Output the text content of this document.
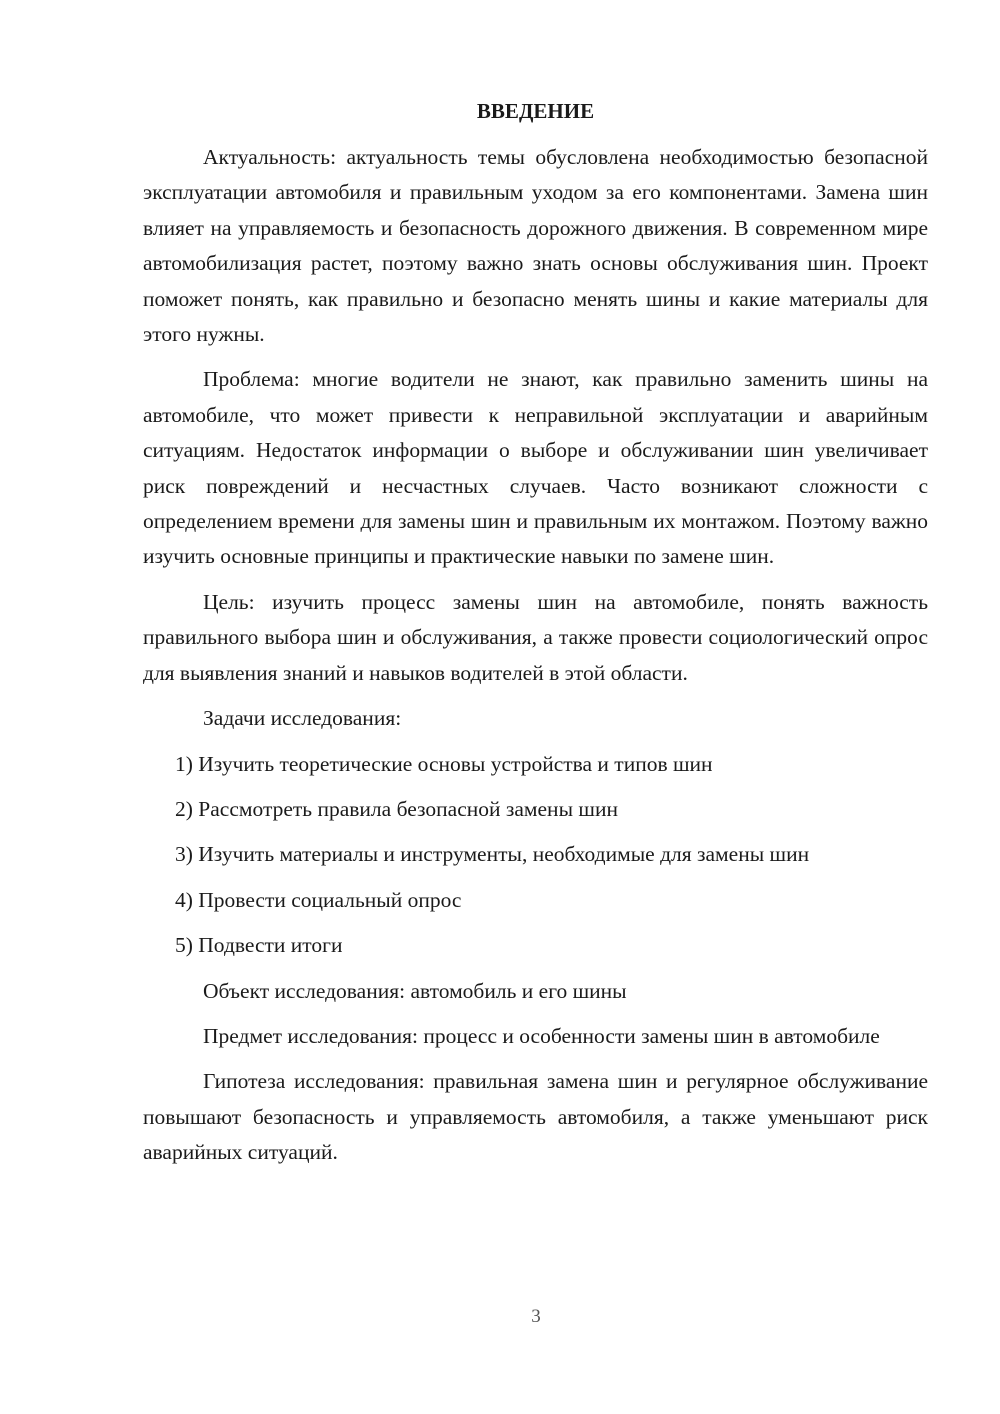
ВВЕДЕНИЕ

Актуальность: актуальность темы обусловлена необходимостью безопасной эксплуатации автомобиля и правильным уходом за его компонентами. Замена шин влияет на управляемость и безопасность дорожного движения. В современном мире автомобилизация растет, поэтому важно знать основы обслуживания шин. Проект поможет понять, как правильно и безопасно менять шины и какие материалы для этого нужны.

Проблема: многие водители не знают, как правильно заменить шины на автомобиле, что может привести к неправильной эксплуатации и аварийным ситуациям. Недостаток информации о выборе и обслуживании шин увеличивает риск повреждений и несчастных случаев. Часто возникают сложности с определением времени для замены шин и правильным их монтажом. Поэтому важно изучить основные принципы и практические навыки по замене шин.

Цель: изучить процесс замены шин на автомобиле, понять важность правильного выбора шин и обслуживания, а также провести социологический опрос для выявления знаний и навыков водителей в этой области.

Задачи исследования:

1) Изучить теоретические основы устройства и типов шин
2) Рассмотреть правила безопасной замены шин
3) Изучить материалы и инструменты, необходимые для замены шин
4) Провести социальный опрос
5) Подвести итоги

Объект исследования: автомобиль и его шины

Предмет исследования: процесс и особенности замены шин в автомобиле

Гипотеза исследования: правильная замена шин и регулярное обслуживание повышают безопасность и управляемость автомобиля, а также уменьшают риск аварийных ситуаций.

3
